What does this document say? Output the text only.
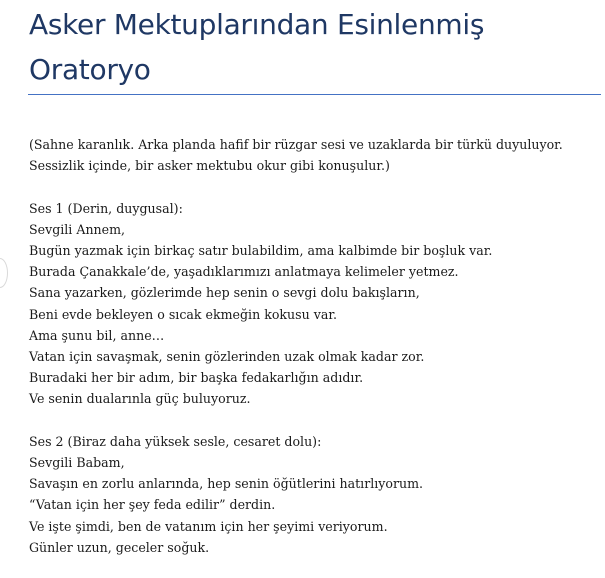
Asker Mektuplarından Esinlenmiş
Oratoryo
(Sahne karanlık. Arka planda hafif bir rüzgar sesi ve uzaklarda bir türkü duyuluyor.
Sessizlik içinde, bir asker mektubu okur gibi konuşulur.)
Ses 1 (Derin, duygusal):
Sevgili Annem,
Bugün yazmak için birkaç satır bulabildim, ama kalbimde bir boşluk var.
Burada Çanakkale’de, yaşadıklarımızı anlatmaya kelimeler yetmez.
Sana yazarken, gözlerimde hep senin o sevgi dolu bakışların,
Beni evde bekleyen o sıcak ekmeğin kokusu var.
Ama şunu bil, anne…
Vatan için savaşmak, senin gözlerinden uzak olmak kadar zor.
Buradaki her bir adım, bir başka fedakarlığın adıdır.
Ve senin dualarınla güç buluyoruz.
Ses 2 (Biraz daha yüksek sesle, cesaret dolu):
Sevgili Babam,
Savaşın en zorlu anlarında, hep senin öğütlerini hatırlıyorum.
“Vatan için her şey feda edilir” derdin.
Ve işte şimdi, ben de vatanım için her şeyimi veriyorum.
Günler uzun, geceler soğuk.
